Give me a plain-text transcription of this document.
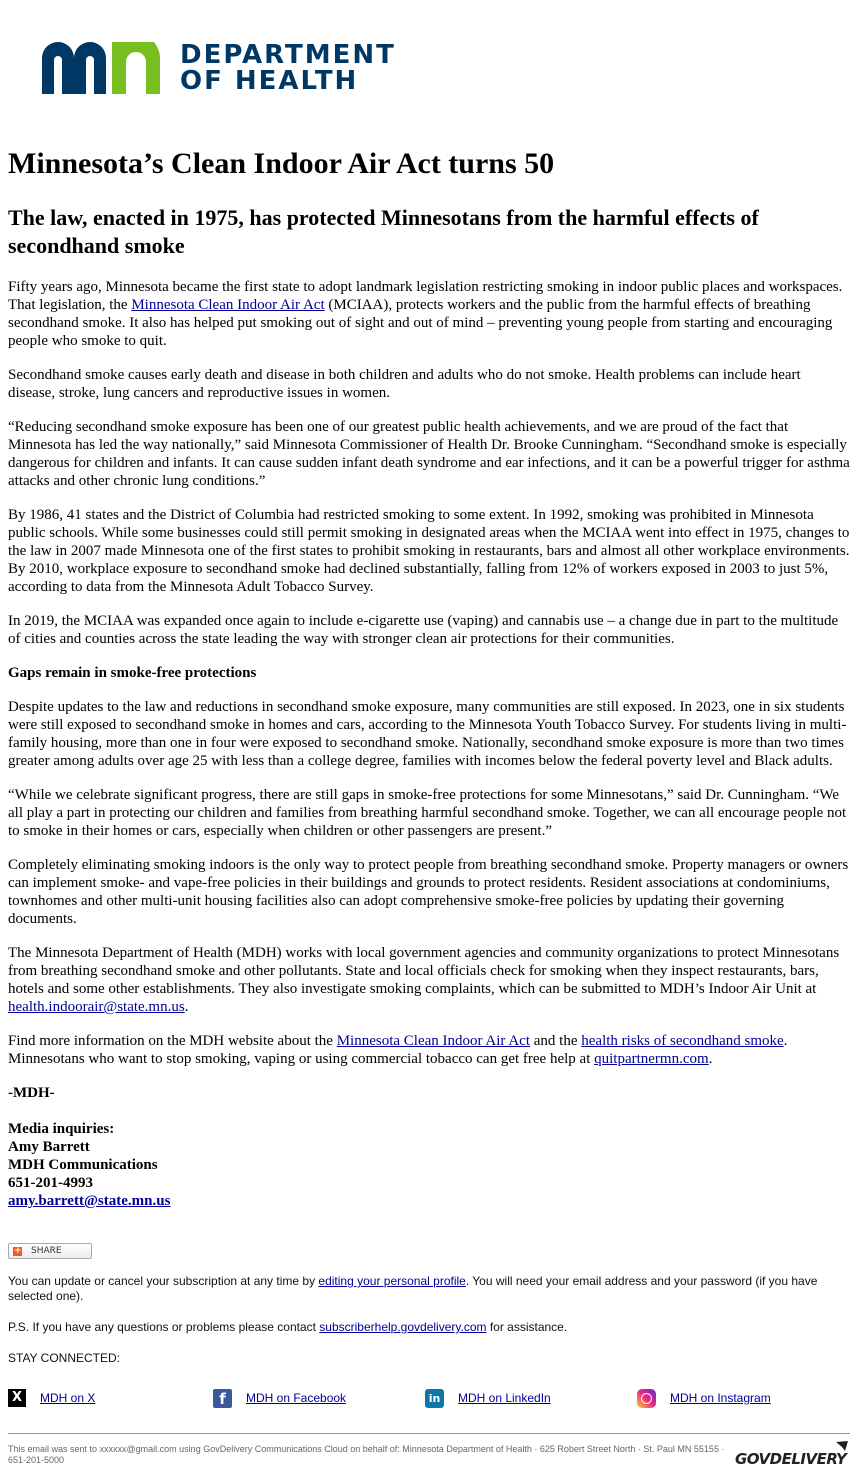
DEPARTMENT
OF HEALTH
Minnesota’s Clean Indoor Air Act turns 50
The law, enacted in 1975, has protected Minnesotans from the harmful effects of secondhand smoke

Fifty years ago, Minnesota became the first state to adopt landmark legislation restricting smoking in indoor public places and workspaces. That legislation, the Minnesota Clean Indoor Air Act (MCIAA), protects workers and the public from the harmful effects of breathing secondhand smoke. It also has helped put smoking out of sight and out of mind – preventing young people from starting and encouraging people who smoke to quit.

Secondhand smoke causes early death and disease in both children and adults who do not smoke. Health problems can include heart disease, stroke, lung cancers and reproductive issues in women.

“Reducing secondhand smoke exposure has been one of our greatest public health achievements, and we are proud of the fact that Minnesota has led the way nationally,” said Minnesota Commissioner of Health Dr. Brooke Cunningham. “Secondhand smoke is especially dangerous for children and infants. It can cause sudden infant death syndrome and ear infections, and it can be a powerful trigger for asthma attacks and other chronic lung conditions.”

By 1986, 41 states and the District of Columbia had restricted smoking to some extent. In 1992, smoking was prohibited in Minnesota public schools. While some businesses could still permit smoking in designated areas when the MCIAA went into effect in 1975, changes to the law in 2007 made Minnesota one of the first states to prohibit smoking in restaurants, bars and almost all other workplace environments. By 2010, workplace exposure to secondhand smoke had declined substantially, falling from 12% of workers exposed in 2003 to just 5%, according to data from the Minnesota Adult Tobacco Survey.

In 2019, the MCIAA was expanded once again to include e-cigarette use (vaping) and cannabis use – a change due in part to the multitude of cities and counties across the state leading the way with stronger clean air protections for their communities.

Gaps remain in smoke-free protections

Despite updates to the law and reductions in secondhand smoke exposure, many communities are still exposed. In 2023, one in six students were still exposed to secondhand smoke in homes and cars, according to the Minnesota Youth Tobacco Survey. For students living in multi-family housing, more than one in four were exposed to secondhand smoke. Nationally, secondhand smoke exposure is more than two times greater among adults over age 25 with less than a college degree, families with incomes below the federal poverty level and Black adults.

“While we celebrate significant progress, there are still gaps in smoke-free protections for some Minnesotans,” said Dr. Cunningham. “We all play a part in protecting our children and families from breathing harmful secondhand smoke. Together, we can all encourage people not to smoke in their homes or cars, especially when children or other passengers are present.”

Completely eliminating smoking indoors is the only way to protect people from breathing secondhand smoke. Property managers or owners can implement smoke- and vape-free policies in their buildings and grounds to protect residents. Resident associations at condominiums, townhomes and other multi-unit housing facilities also can adopt comprehensive smoke-free policies by updating their governing documents.

The Minnesota Department of Health (MDH) works with local government agencies and community organizations to protect Minnesotans from breathing secondhand smoke and other pollutants. State and local officials check for smoking when they inspect restaurants, bars, hotels and some other establishments. They also investigate smoking complaints, which can be submitted to MDH’s Indoor Air Unit at health.indoorair@state.mn.us.

Find more information on the MDH website about the Minnesota Clean Indoor Air Act and the health risks of secondhand smoke. Minnesotans who want to stop smoking, vaping or using commercial tobacco can get free help at quitpartnermn.com.

-MDH-

Media inquiries:
Amy Barrett
MDH Communications
651-201-4993
amy.barrett@state.mn.us
+
SHARE

You can update or cancel your subscription at any time by editing your personal profile. You will need your email address and your password (if you have selected one).

P.S. If you have any questions or problems please contact subscriberhelp.govdelivery.com for assistance.

STAY CONNECTED:

X	MDH on X	f	MDH on Facebook	in	MDH on LinkedIn	MDH on Instagram
This email was sent to xxxxxx@gmail.com using GovDelivery Communications Cloud on behalf of: Minnesota Department of Health · 625 Robert Street North · St. Paul MN 55155 · 651-201-5000	GOVDELIVERY
